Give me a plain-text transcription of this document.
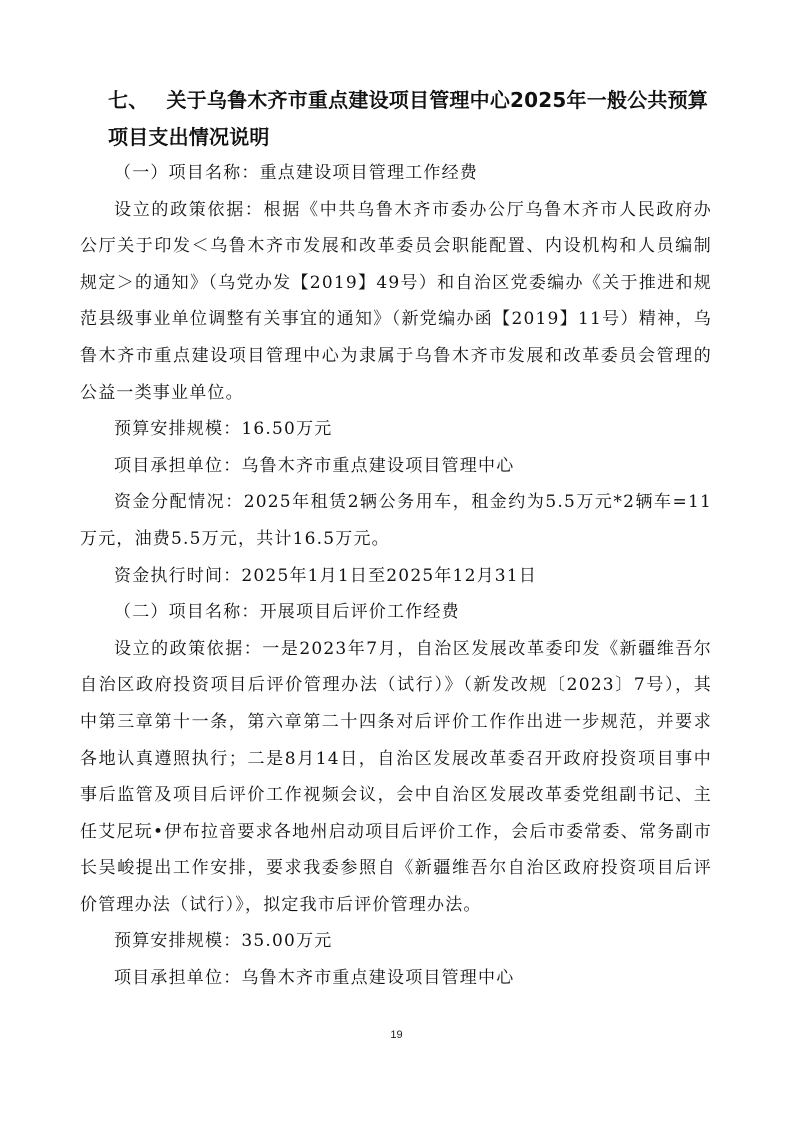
七、 关于乌鲁木齐市重点建设项目管理中心2025年一般公共预算项目支出情况说明

（一）项目名称：重点建设项目管理工作经费

设立的政策依据：根据《中共乌鲁木齐市委办公厅乌鲁木齐市人民政府办公厅关于印发＜乌鲁木齐市发展和改革委员会职能配置、内设机构和人员编制规定＞的通知》（乌党办发【2019】49号）和自治区党委编办《关于推进和规范县级事业单位调整有关事宜的通知》（新党编办函【2019】11号）精神，乌鲁木齐市重点建设项目管理中心为隶属于乌鲁木齐市发展和改革委员会管理的公益一类事业单位。

预算安排规模：16.50万元

项目承担单位：乌鲁木齐市重点建设项目管理中心

资金分配情况：2025年租赁2辆公务用车，租金约为5.5万元*2辆车=11万元，油费5.5万元，共计16.5万元。

资金执行时间：2025年1月1日至2025年12月31日

（二）项目名称：开展项目后评价工作经费

设立的政策依据：一是2023年7月，自治区发展改革委印发《新疆维吾尔自治区政府投资项目后评价管理办法（试行）》（新发改规〔2023〕7号），其中第三章第十一条，第六章第二十四条对后评价工作作出进一步规范，并要求各地认真遵照执行；二是8月14日，自治区发展改革委召开政府投资项目事中事后监管及项目后评价工作视频会议，会中自治区发展改革委党组副书记、主任艾尼玩•伊布拉音要求各地州启动项目后评价工作，会后市委常委、常务副市长吴峻提出工作安排，要求我委参照自《新疆维吾尔自治区政府投资项目后评价管理办法（试行）》，拟定我市后评价管理办法。

预算安排规模：35.00万元

项目承担单位：乌鲁木齐市重点建设项目管理中心

19
